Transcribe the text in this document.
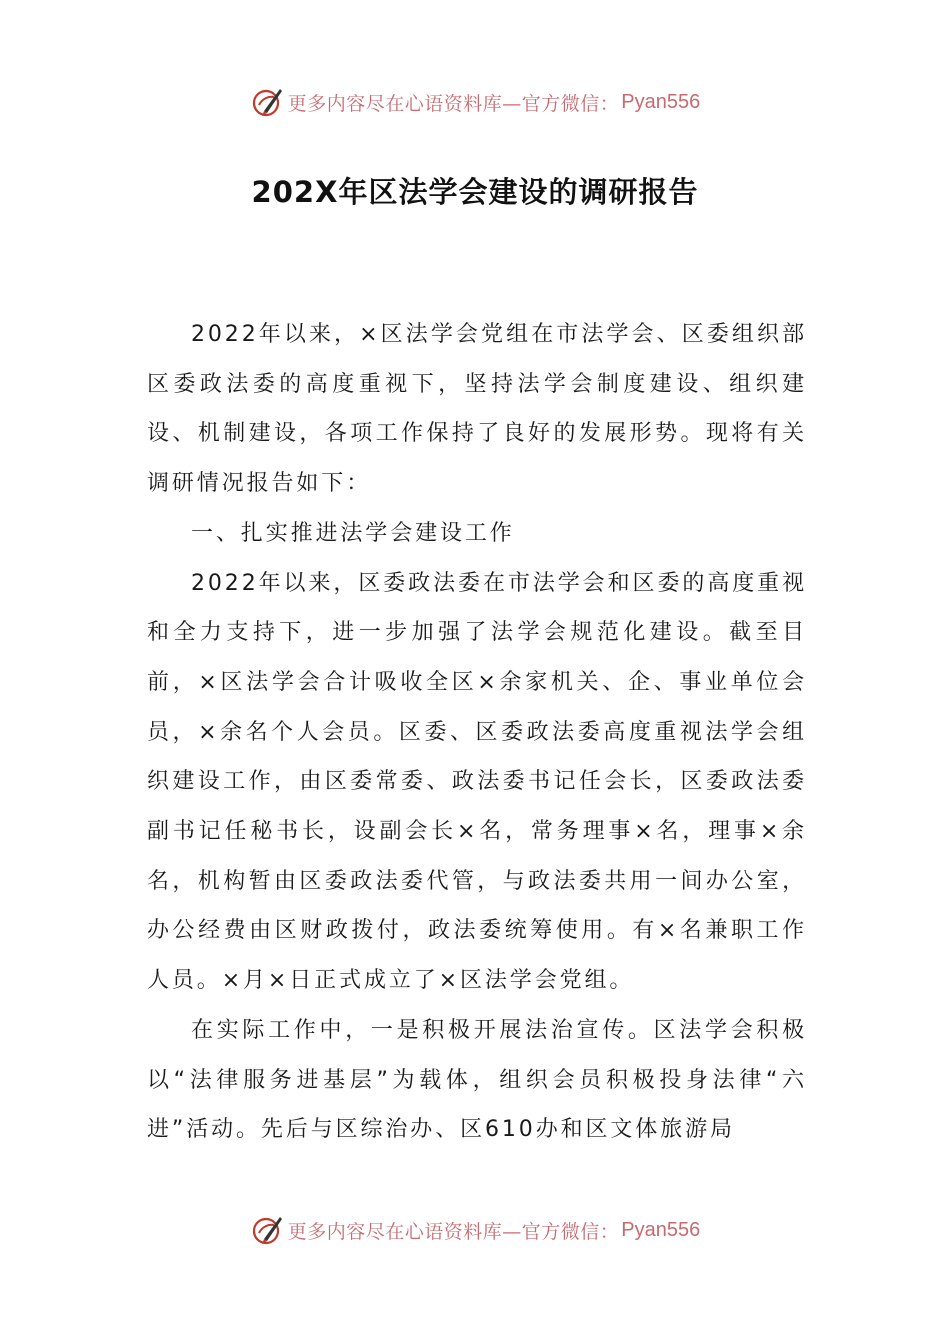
更多内容尽在心语资料库—官方微信： Pyan556
202X年区法学会建设的调研报告

2022年以来，×区法学会党组在市法学会、区委组织部区委政法委的高度重视下，坚持法学会制度建设、组织建设、机制建设，各项工作保持了良好的发展形势。现将有关调研情况报告如下：

一、扎实推进法学会建设工作

2022年以来，区委政法委在市法学会和区委的高度重视和全力支持下，进一步加强了法学会规范化建设。截至目前，×区法学会合计吸收全区×余家机关、企、事业单位会员，×余名个人会员。区委、区委政法委高度重视法学会组织建设工作，由区委常委、政法委书记任会长，区委政法委副书记任秘书长，设副会长×名，常务理事×名，理事×余名，机构暂由区委政法委代管，与政法委共用一间办公室，办公经费由区财政拨付，政法委统筹使用。有×名兼职工作人员。×月×日正式成立了×区法学会党组。

在实际工作中，一是积极开展法治宣传。区法学会积极以“法律服务进基层”为载体，组织会员积极投身法律“六进”活动。先后与区综治办、区610办和区文体旅游局

更多内容尽在心语资料库—官方微信： Pyan556
